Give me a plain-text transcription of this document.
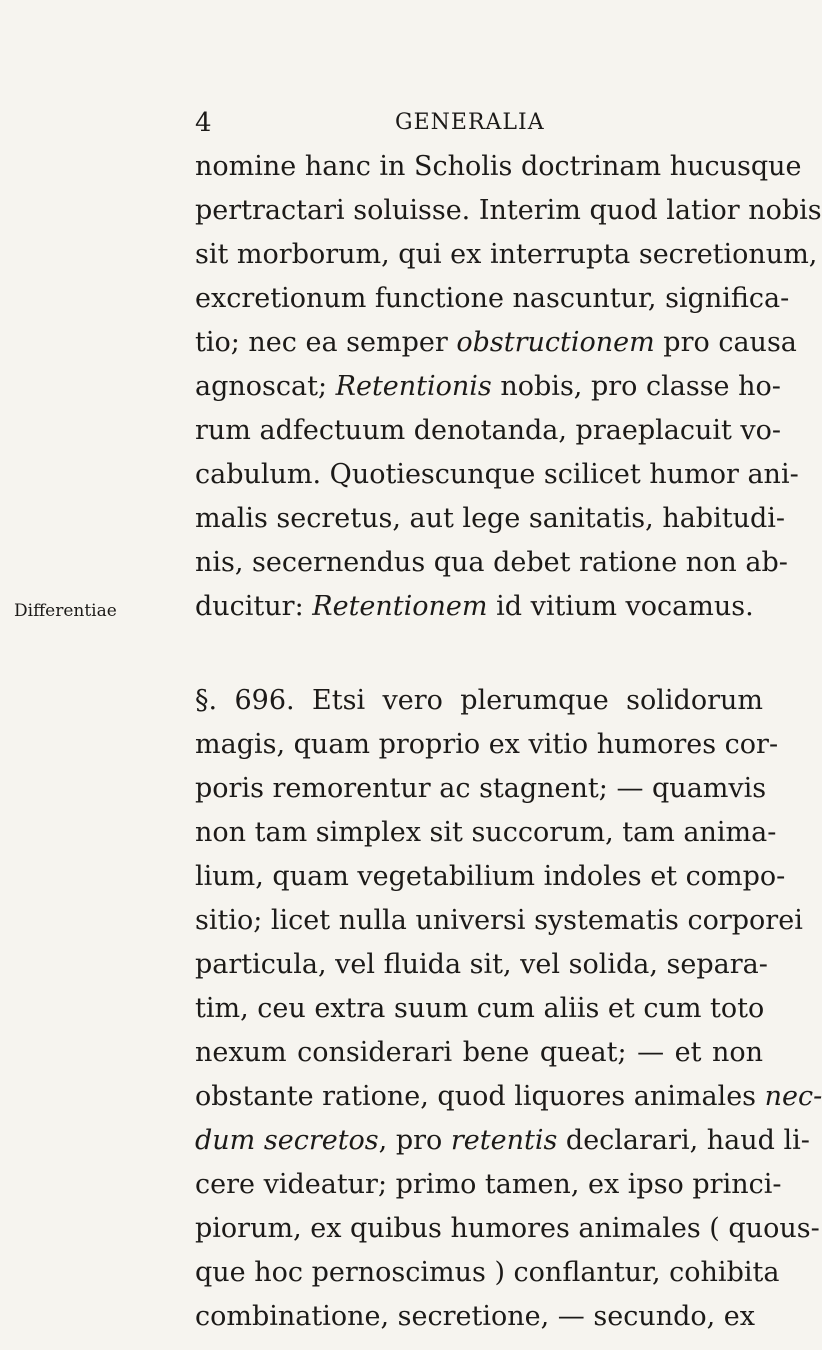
4	GENERALIA
Differentiae
nomine hanc in Scholis doctrinam hucusque
pertractari soluisse. Interim quod latior nobis
sit morborum, qui ex interrupta secretionum,
excretionum functione nascuntur, significa-
tio; nec ea semper obstructionem pro causa
agnoscat; Retentionis nobis, pro classe ho-
rum adfectuum denotanda, praeplacuit vo-
cabulum. Quotiescunque scilicet humor ani-
malis secretus, aut lege sanitatis, habitudi-
nis, secernendus qua debet ratione non ab-
ducitur: Retentionem id vitium vocamus.
§. 696. Etsi vero plerumque solidorum
magis, quam proprio ex vitio humores cor-
poris remorentur ac stagnent; — quamvis
non tam simplex sit succorum, tam anima-
lium, quam vegetabilium indoles et compo-
sitio; licet nulla universi systematis corporei
particula, vel fluida sit, vel solida, separa-
tim, ceu extra suum cum aliis et cum toto
nexum considerari bene queat; — et non
obstante ratione, quod liquores animales nec-
dum secretos, pro retentis declarari, haud li-
cere videatur; primo tamen, ex ipso princi-
piorum, ex quibus humores animales ( quous-
que hoc pernoscimus ) conflantur, cohibita
combinatione, secretione, — secundo, ex
